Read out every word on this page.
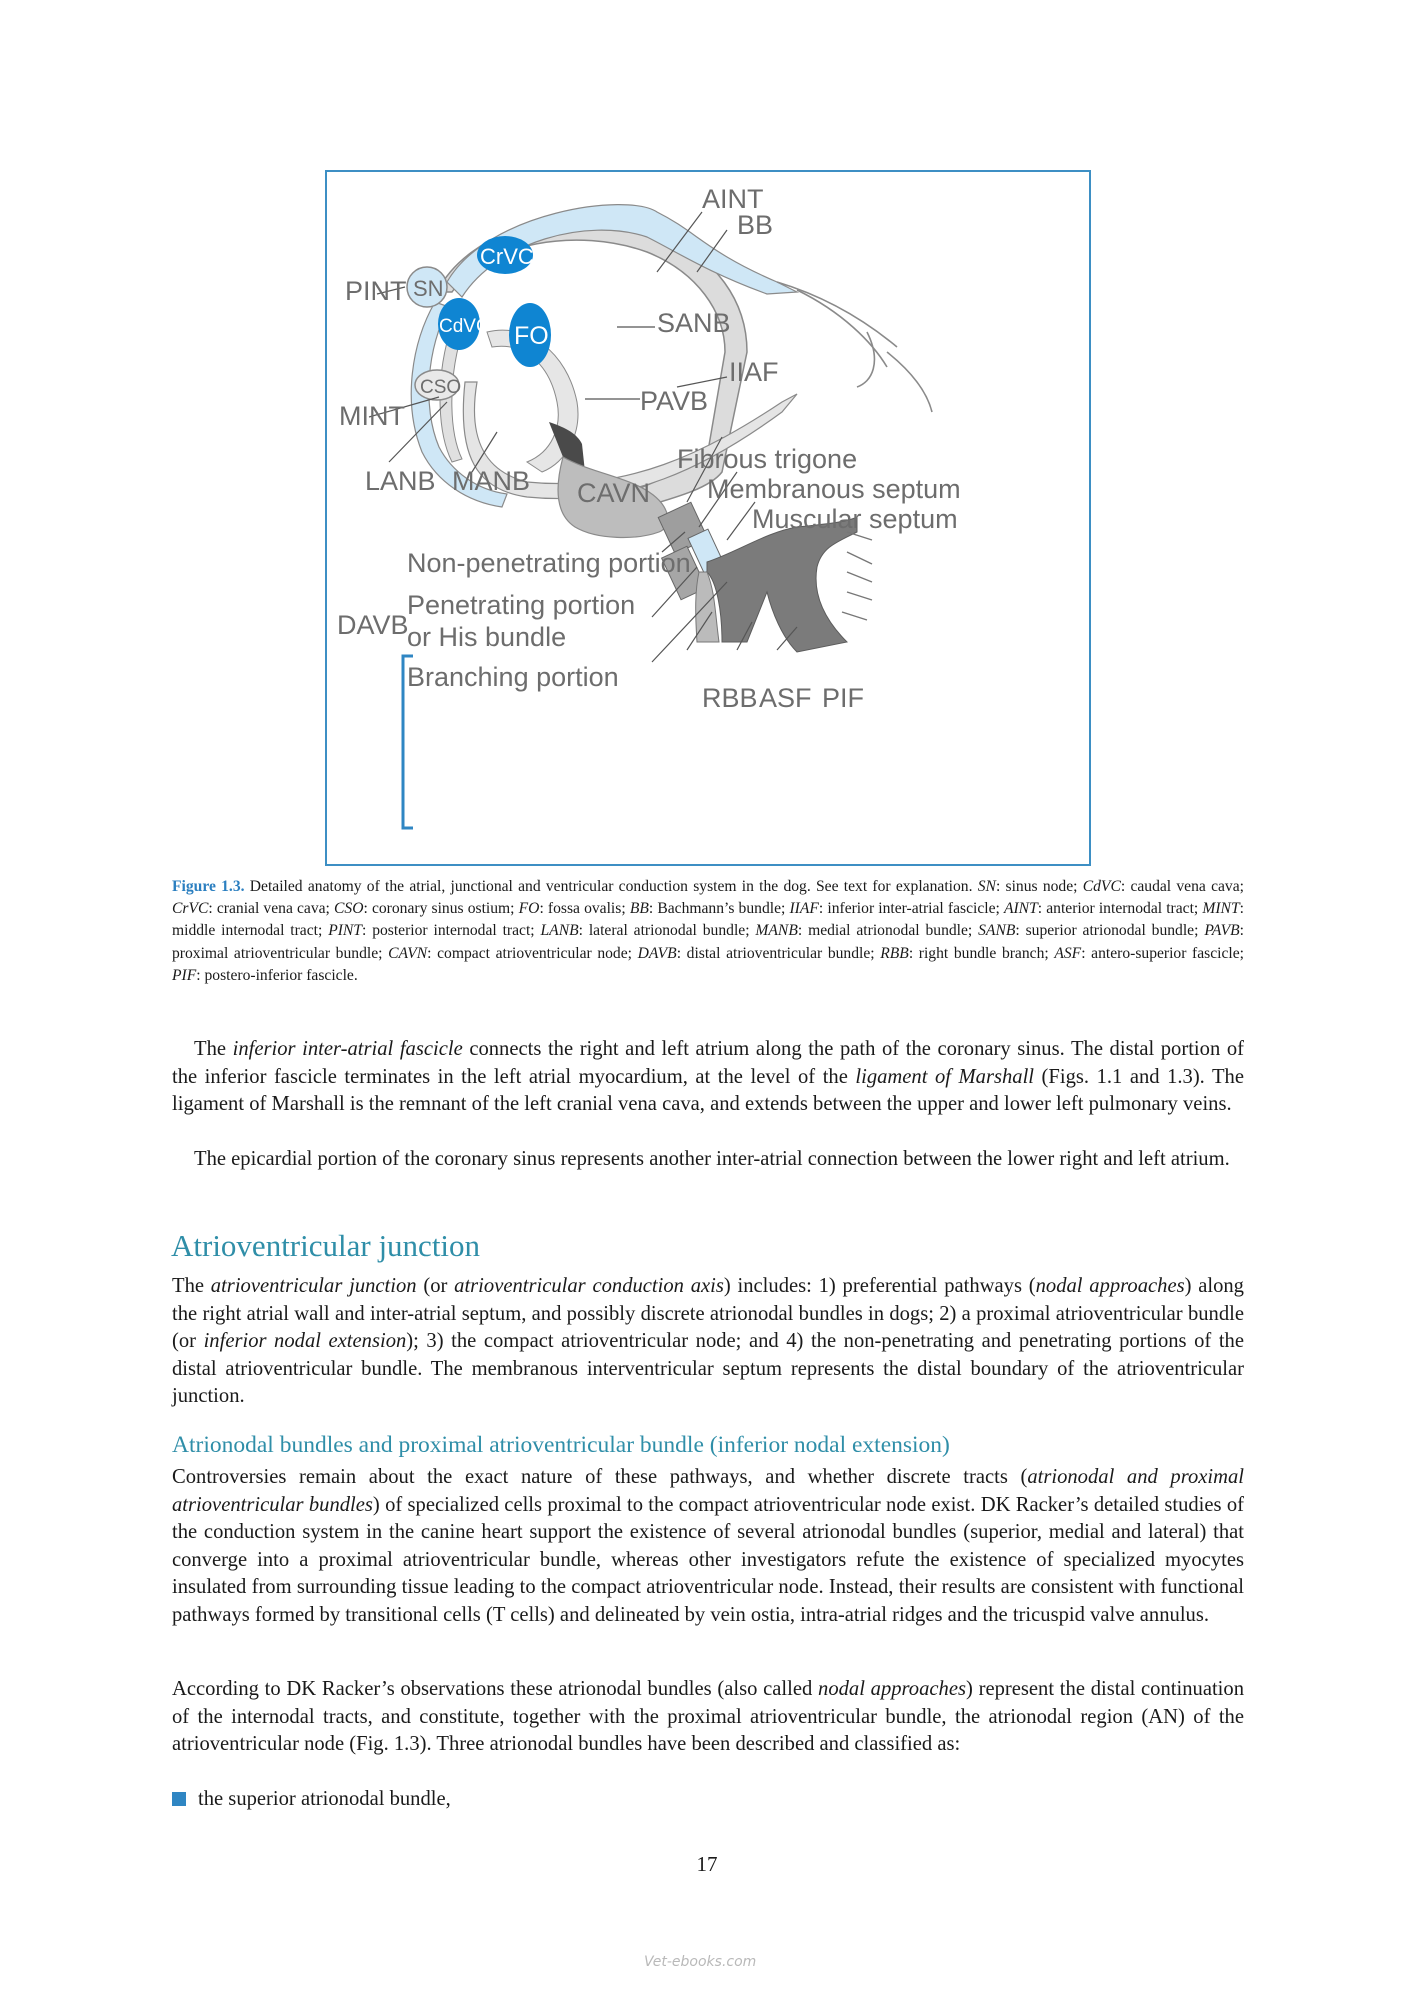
AINT
BB
SANB
IIAF
PINT
MINT
LANB MANB
PAVB
CAVN
Fibrous trigone
Membranous septum
Muscular septum
Non-penetrating portion
Penetrating portion
or His bundle
Branching portion
DAVB
RBB ASF PIF
SN
CrVC
CdVC FO
CSO
Figure 1.3. Detailed anatomy of the atrial, junctional and ventricular conduction system in the dog. See text for explanation. SN: sinus node; CdVC: caudal vena cava; CrVC: cranial vena cava; CSO: coronary sinus ostium; FO: fossa ovalis; BB: Bachmann’s bundle; IIAF: inferior inter-atrial fascicle; AINT: anterior internodal tract; MINT: middle internodal tract; PINT: posterior internodal tract; LANB: lateral atrionodal bundle; MANB: medial atrionodal bundle; SANB: superior atrionodal bundle; PAVB: proximal atrioventricular bundle; CAVN: compact atrioventricular node; DAVB: distal atrioventricular bundle; RBB: right bundle branch; ASF: antero-superior fascicle; PIF: postero-inferior fascicle.

The inferior inter-atrial fascicle connects the right and left atrium along the path of the coronary sinus. The distal portion of the inferior fascicle terminates in the left atrial myocardium, at the level of the ligament of Marshall (Figs. 1.1 and 1.3). The ligament of Marshall is the remnant of the left cranial vena cava, and extends between the upper and lower left pulmonary veins.

The epicardial portion of the coronary sinus represents another inter-atrial connection between the lower right and left atrium.

Atrioventricular junction

The atrioventricular junction (or atrioventricular conduction axis) includes: 1) preferential pathways (nodal approaches) along the right atrial wall and inter-atrial septum, and possibly discrete atrionodal bundles in dogs; 2) a proximal atrioventricular bundle (or inferior nodal extension); 3) the compact atrioventricular node; and 4) the non-penetrating and penetrating portions of the distal atrioventricular bundle. The membranous interventricular septum represents the distal boundary of the atrioventricular junction.

Atrionodal bundles and proximal atrioventricular bundle (inferior nodal extension)

Controversies remain about the exact nature of these pathways, and whether discrete tracts (atrionodal and proximal atrioventricular bundles) of specialized cells proximal to the compact atrioventricular node exist. DK Racker’s detailed studies of the conduction system in the canine heart support the existence of several atrionodal bundles (superior, medial and lateral) that converge into a proximal atrioventricular bundle, whereas other investigators refute the existence of specialized myocytes insulated from surrounding tissue leading to the compact atrioventricular node. Instead, their results are consistent with functional pathways formed by transitional cells (T cells) and delineated by vein ostia, intra-atrial ridges and the tricuspid valve annulus.

According to DK Racker’s observations these atrionodal bundles (also called nodal approaches) represent the distal continuation of the internodal tracts, and constitute, together with the proximal atrioventricular bundle, the atrionodal region (AN) of the atrioventricular node (Fig. 1.3). Three atrionodal bundles have been described and classified as:

the superior atrionodal bundle,
17
Vet-ebooks.com
